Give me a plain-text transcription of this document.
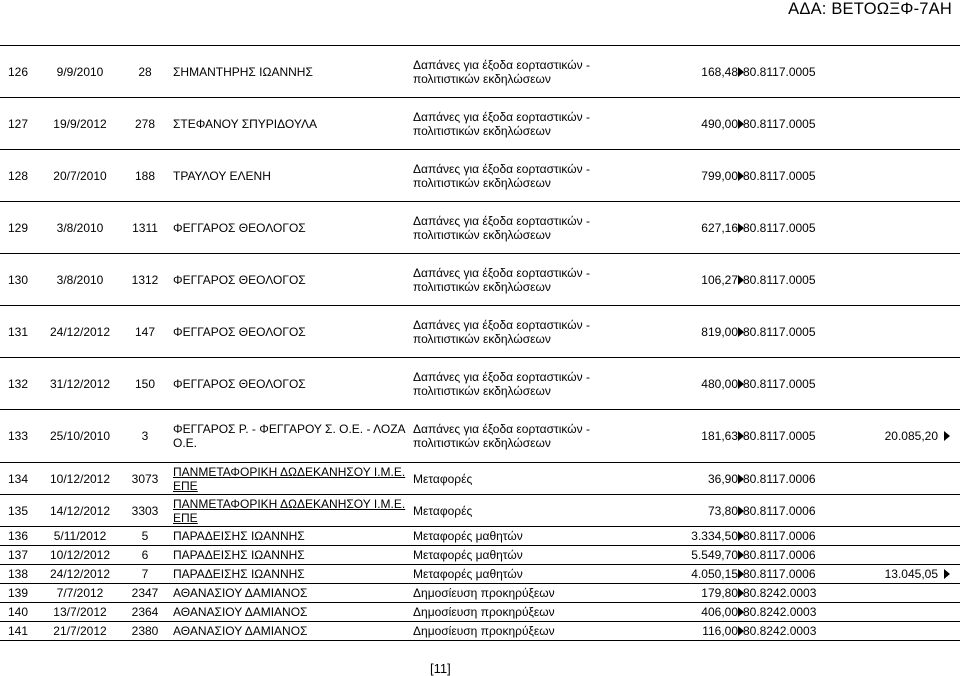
ΑΔΑ: ΒΕΤΟΩΞΦ-7ΑΗ
126	9/9/2010	28	ΣΗΜΑΝΤΗΡΗΣ ΙΩΑΝΝΗΣ	Δαπάνες για έξοδα εορταστικών - πολιτιστικών εκδηλώσεων	168,48	80.8117.0005	
127	19/9/2012	278	ΣΤΕΦΑΝΟΥ ΣΠΥΡΙΔΟΥΛΑ	Δαπάνες για έξοδα εορταστικών - πολιτιστικών εκδηλώσεων	490,00	80.8117.0005	
128	20/7/2010	188	ΤΡΑΥΛΟΥ ΕΛΕΝΗ	Δαπάνες για έξοδα εορταστικών - πολιτιστικών εκδηλώσεων	799,00	80.8117.0005	
129	3/8/2010	1311	ΦΕΓΓΑΡΟΣ ΘΕΟΛΟΓΟΣ	Δαπάνες για έξοδα εορταστικών - πολιτιστικών εκδηλώσεων	627,16	80.8117.0005	
130	3/8/2010	1312	ΦΕΓΓΑΡΟΣ ΘΕΟΛΟΓΟΣ	Δαπάνες για έξοδα εορταστικών - πολιτιστικών εκδηλώσεων	106,27	80.8117.0005	
131	24/12/2012	147	ΦΕΓΓΑΡΟΣ ΘΕΟΛΟΓΟΣ	Δαπάνες για έξοδα εορταστικών - πολιτιστικών εκδηλώσεων	819,00	80.8117.0005	
132	31/12/2012	150	ΦΕΓΓΑΡΟΣ ΘΕΟΛΟΓΟΣ	Δαπάνες για έξοδα εορταστικών - πολιτιστικών εκδηλώσεων	480,00	80.8117.0005	
133	25/10/2010	3	ΦΕΓΓΑΡΟΣ Ρ. - ΦΕΓΓΑΡΟΥ Σ. Ο.Ε. - ΛΟΖΑ Ο.Ε.	Δαπάνες για έξοδα εορταστικών - πολιτιστικών εκδηλώσεων	181,63	80.8117.0005	20.085,20

134	10/12/2012	3073	ΠΑΝΜΕΤΑΦΟΡΙΚΗ ΔΩΔΕΚΑΝΗΣΟΥ Ι.Μ.Ε. ΕΠΕ	Μεταφορές	36,90	80.8117.0006	
135	14/12/2012	3303	ΠΑΝΜΕΤΑΦΟΡΙΚΗ ΔΩΔΕΚΑΝΗΣΟΥ Ι.Μ.Ε. ΕΠΕ	Μεταφορές	73,80	80.8117.0006	
136	5/11/2012	5	ΠΑΡΑΔΕΙΣΗΣ ΙΩΑΝΝΗΣ	Μεταφορές μαθητών	3.334,50	80.8117.0006	
137	10/12/2012	6	ΠΑΡΑΔΕΙΣΗΣ ΙΩΑΝΝΗΣ	Μεταφορές μαθητών	5.549,70	80.8117.0006	
138	24/12/2012	7	ΠΑΡΑΔΕΙΣΗΣ ΙΩΑΝΝΗΣ	Μεταφορές μαθητών	4.050,15	80.8117.0006	13.045,05

139	7/7/2012	2347	ΑΘΑΝΑΣΙΟΥ ΔΑΜΙΑΝΟΣ	Δημοσίευση προκηρύξεων	179,80	80.8242.0003	
140	13/7/2012	2364	ΑΘΑΝΑΣΙΟΥ ΔΑΜΙΑΝΟΣ	Δημοσίευση προκηρύξεων	406,00	80.8242.0003	
141	21/7/2012	2380	ΑΘΑΝΑΣΙΟΥ ΔΑΜΙΑΝΟΣ	Δημοσίευση προκηρύξεων	116,00	80.8242.0003	
[11]
